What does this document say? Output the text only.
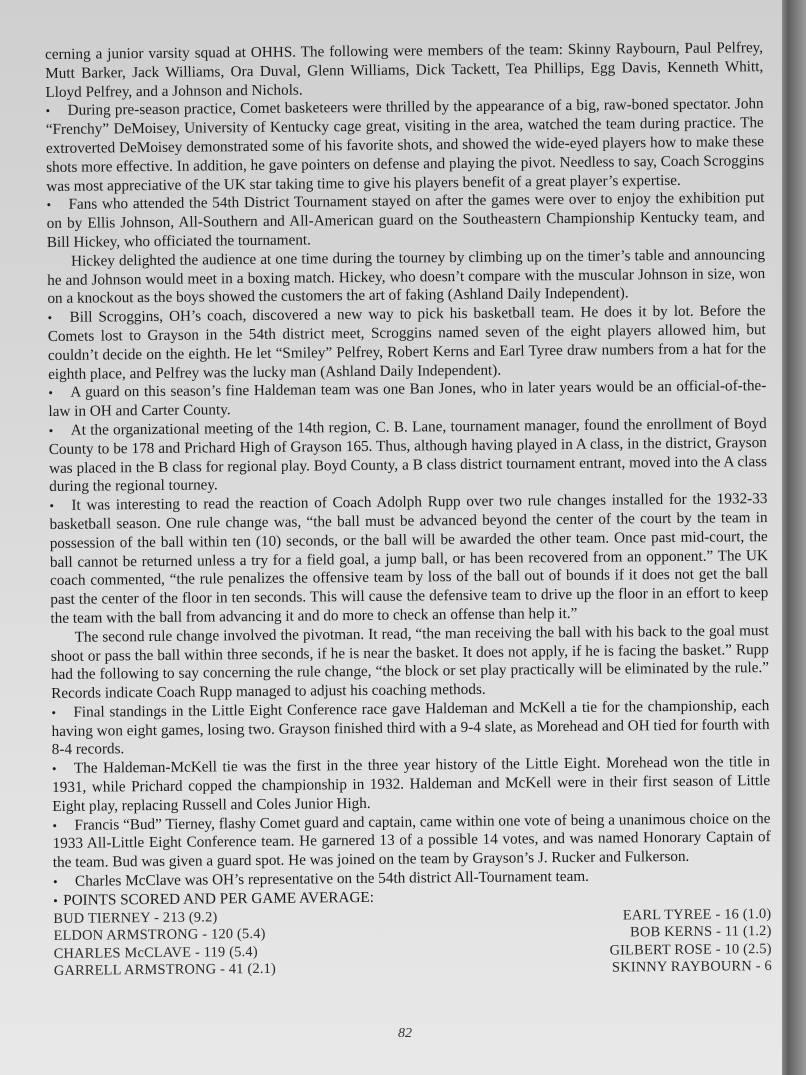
cerning a junior varsity squad at OHHS. The following were members of the team: Skinny Raybourn, Paul Pelfrey, Mutt Barker, Jack Williams, Ora Duval, Glenn Williams, Dick Tackett, Tea Phillips, Egg Davis, Kenneth Whitt, Lloyd Pelfrey, and a Johnson and Nichols.

• During pre-season practice, Comet basketeers were thrilled by the appearance of a big, raw-boned spectator. John “Frenchy” DeMoisey, University of Kentucky cage great, visiting in the area, watched the team during practice. The extroverted DeMoisey demonstrated some of his favorite shots, and showed the wide-eyed players how to make these shots more effective. In addition, he gave pointers on defense and playing the pivot. Needless to say, Coach Scroggins was most appreciative of the UK star taking time to give his players benefit of a great player’s expertise.

• Fans who attended the 54th District Tournament stayed on after the games were over to enjoy the exhibition put on by Ellis Johnson, All-Southern and All-American guard on the Southeastern Championship Kentucky team, and Bill Hickey, who officiated the tournament.

Hickey delighted the audience at one time during the tourney by climbing up on the timer’s table and announcing he and Johnson would meet in a boxing match. Hickey, who doesn’t compare with the muscular Johnson in size, won on a knockout as the boys showed the customers the art of faking (Ashland Daily Independent).

• Bill Scroggins, OH’s coach, discovered a new way to pick his basketball team. He does it by lot. Before the Comets lost to Grayson in the 54th district meet, Scroggins named seven of the eight players allowed him, but couldn’t decide on the eighth. He let “Smiley” Pelfrey, Robert Kerns and Earl Tyree draw numbers from a hat for the eighth place, and Pelfrey was the lucky man (Ashland Daily Independent).

• A guard on this season’s fine Haldeman team was one Ban Jones, who in later years would be an official-of-the-law in OH and Carter County.

• At the organizational meeting of the 14th region, C. B. Lane, tournament manager, found the enrollment of Boyd County to be 178 and Prichard High of Grayson 165. Thus, although having played in A class, in the district, Grayson was placed in the B class for regional play. Boyd County, a B class district tournament entrant, moved into the A class during the regional tourney.

• It was interesting to read the reaction of Coach Adolph Rupp over two rule changes installed for the 1932-33 basketball season. One rule change was, “the ball must be advanced beyond the center of the court by the team in possession of the ball within ten (10) seconds, or the ball will be awarded the other team. Once past mid-court, the ball cannot be returned unless a try for a field goal, a jump ball, or has been recovered from an opponent.” The UK coach commented, “the rule penalizes the offensive team by loss of the ball out of bounds if it does not get the ball past the center of the floor in ten seconds. This will cause the defensive team to drive up the floor in an effort to keep the team with the ball from advancing it and do more to check an offense than help it.”

The second rule change involved the pivotman. It read, “the man receiving the ball with his back to the goal must shoot or pass the ball within three seconds, if he is near the basket. It does not apply, if he is facing the basket.” Rupp had the following to say concerning the rule change, “the block or set play practically will be eliminated by the rule.” Records indicate Coach Rupp managed to adjust his coaching methods.

• Final standings in the Little Eight Conference race gave Haldeman and McKell a tie for the championship, each having won eight games, losing two. Grayson finished third with a 9-4 slate, as Morehead and OH tied for fourth with 8-4 records.

• The Haldeman-McKell tie was the first in the three year history of the Little Eight. Morehead won the title in 1931, while Prichard copped the championship in 1932. Haldeman and McKell were in their first season of Little Eight play, replacing Russell and Coles Junior High.

• Francis “Bud” Tierney, flashy Comet guard and captain, came within one vote of being a unanimous choice on the 1933 All-Little Eight Conference team. He garnered 13 of a possible 14 votes, and was named Honorary Captain of the team. Bud was given a guard spot. He was joined on the team by Grayson’s J. Rucker and Fulkerson.

• Charles McClave was OH’s representative on the 54th district All-Tournament team.

• POINTS SCORED AND PER GAME AVERAGE:

BUD TIERNEY - 213 (9.2)
ELDON ARMSTRONG - 120 (5.4)
CHARLES McCLAVE - 119 (5.4)
GARRELL ARMSTRONG - 41 (2.1)
EARL TYREE - 16 (1.0)
BOB KERNS - 11 (1.2)
GILBERT ROSE - 10 (2.5)
SKINNY RAYBOURN - 6
82
